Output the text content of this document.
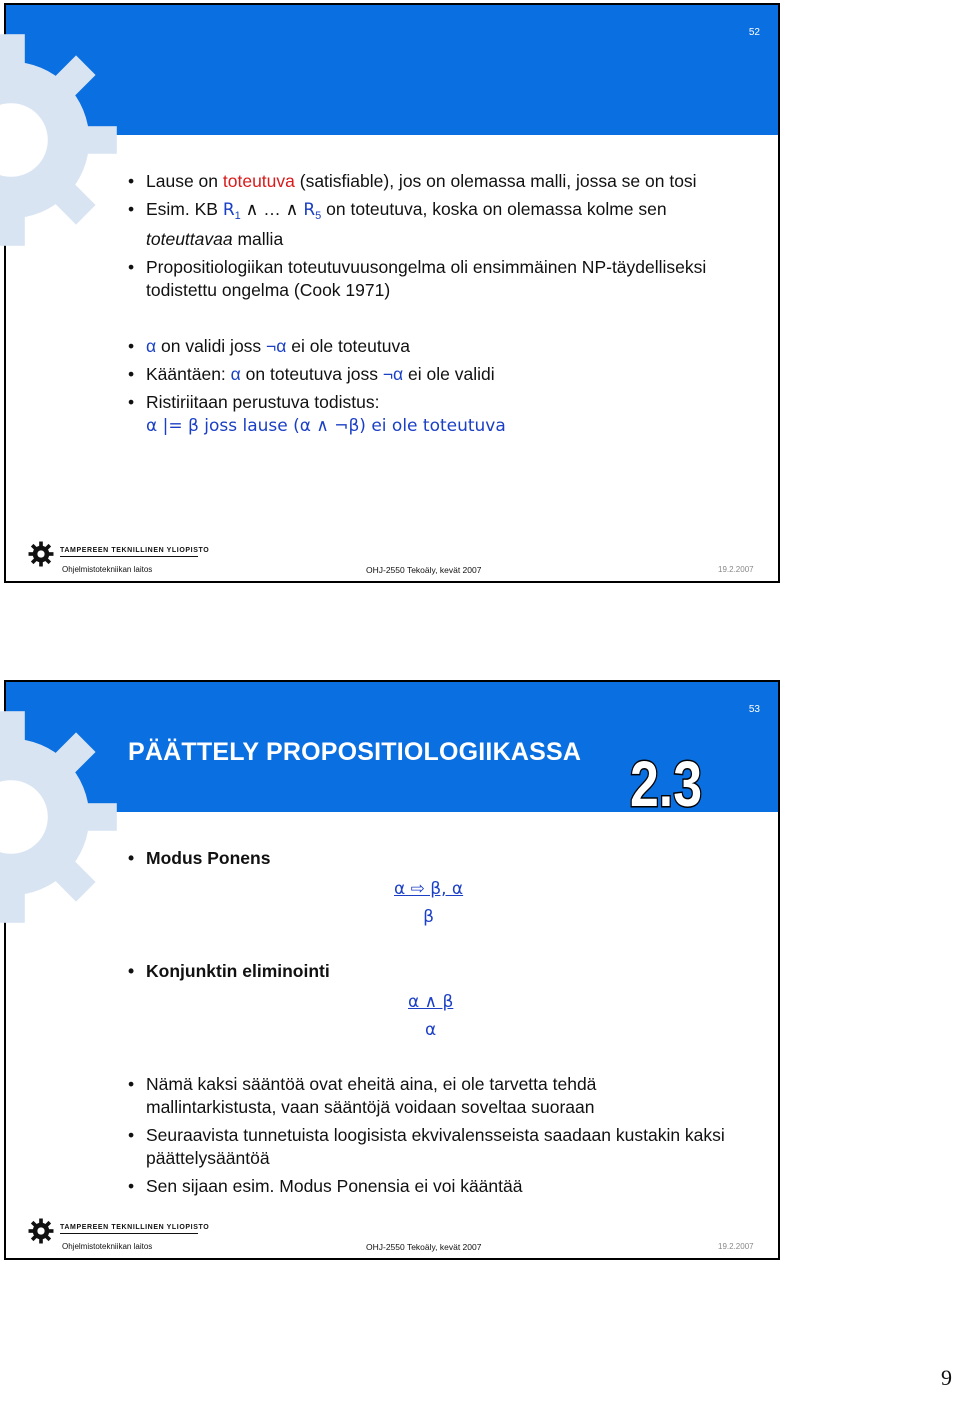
52

• Lause on toteutuva (satisfiable), jos on olemassa malli, jossa se on tosi

• Esim. KB $R_1$ ∧ … ∧ $R_5$ on toteutuva, koska on olemassa kolme sen toteuttavaa mallia

• Propositiologiikan toteutuvuusongelma oli ensimmäinen NP-täydelliseksi todistettu ongelma (Cook 1971)

• α on validi joss ¬α ei ole toteutuva

• Kääntäen: α on toteutuva joss ¬α ei ole validi

• Ristiriitaan perustuva todistus:
α |= β joss lause (α ∧ ¬β) ei ole toteutuva

TAMPEREEN TEKNILLINEN YLIOPISTO
Ohjelmistotekniikan laitos	OHJ-2550 Tekoäly, kevät 2007	19.2.2007
53
PÄÄTTELY PROPOSITIOLOGIIKASSA 2.3

• Modus Ponens

α ⇨ β, α
β

• Konjunktin eliminointi

α ∧ β
α

• Nämä kaksi sääntöä ovat eheitä aina, ei ole tarvetta tehdä mallintarkistusta, vaan sääntöjä voidaan soveltaa suoraan

• Seuraavista tunnetuista loogisista ekvivalensseista saadaan kustakin kaksi päättelysääntöä

• Sen sijaan esim. Modus Ponensia ei voi kääntää

TAMPEREEN TEKNILLINEN YLIOPISTO
Ohjelmistotekniikan laitos	OHJ-2550 Tekoäly, kevät 2007	19.2.2007
9
